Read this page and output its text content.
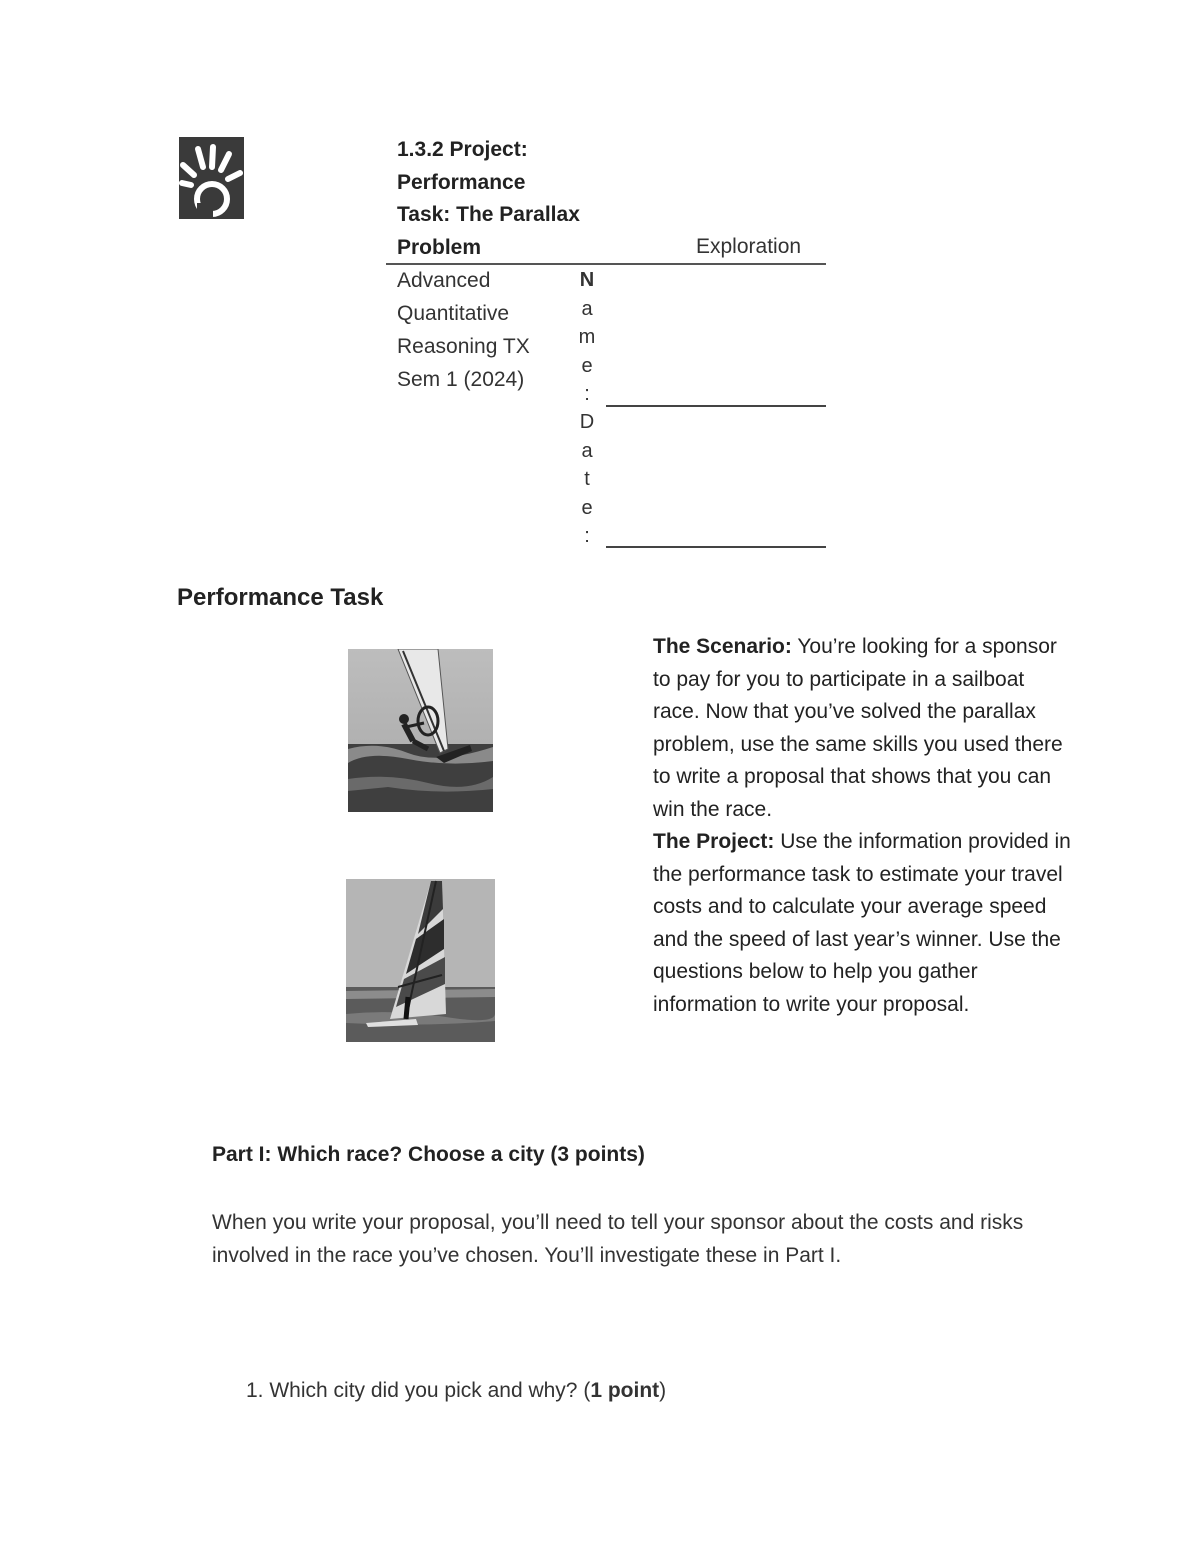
1.3.2 Project:
Performance
Task: The Parallax
Problem	Exploration
Advanced
Quantitative
Reasoning TX
Sem 1 (2024)
N
a
m
e
:
D
a
t
e
:
Performance Task
The Scenario: You’re looking for a sponsor to pay for you to participate in a sailboat race. Now that you’ve solved the parallax problem, use the same skills you used there to write a proposal that shows that you can win the race.
The Project: Use the information provided in the performance task to estimate your travel costs and to calculate your average speed and the speed of last year’s winner. Use the questions below to help you gather information to write your proposal.
Part I: Which race? Choose a city (3 points)
When you write your proposal, you’ll need to tell your sponsor about the costs and risks involved in the race you’ve chosen. You’ll investigate these in Part I.
1. Which city did you pick and why? (1 point)
